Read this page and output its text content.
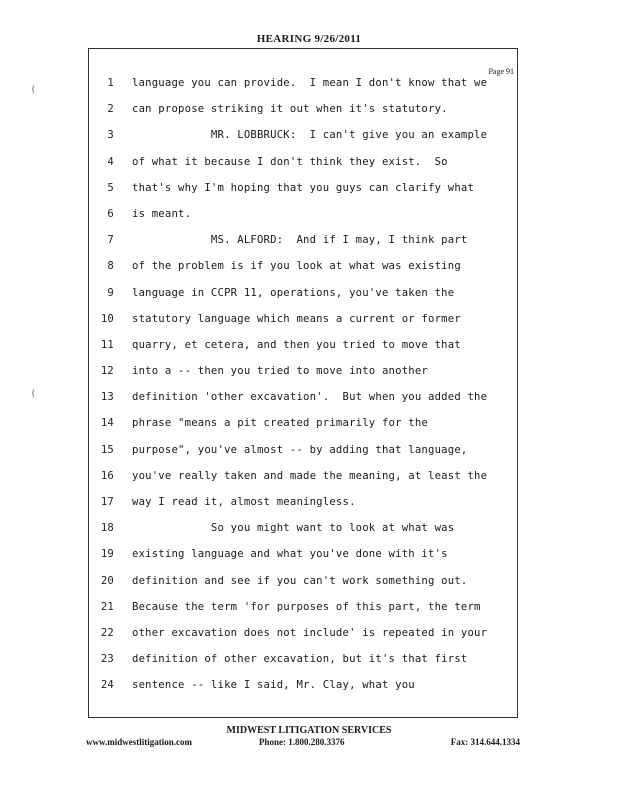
HEARING 9/26/2011
Page 91
{
{
1 language you can provide.  I mean I don't know that we
2 can propose striking it out when it's statutory.
3 MR. LOBBRUCK:  I can't give you an example
4 of what it because I don't think they exist.  So
5 that's why I'm hoping that you guys can clarify what
6 is meant.
7 MS. ALFORD:  And if I may, I think part
8 of the problem is if you look at what was existing
9 language in CCPR 11, operations, you've taken the
10 statutory language which means a current or former
11 quarry, et cetera, and then you tried to move that
12 into a -- then you tried to move into another
13 definition 'other excavation'.  But when you added the
14 phrase "means a pit created primarily for the
15 purpose", you've almost -- by adding that language,
16 you've really taken and made the meaning, at least the
17 way I read it, almost meaningless.
18 So you might want to look at what was
19 existing language and what you've done with it's
20 definition and see if you can't work something out.
21 Because the term 'for purposes of this part, the term
22 other excavation does not include' is repeated in your
23 definition of other excavation, but it's that first
24 sentence -- like I said, Mr. Clay, what you
MIDWEST LITIGATION SERVICES
www.midwestlitigation.com	Phone: 1.800.280.3376	Fax: 314.644.1334
